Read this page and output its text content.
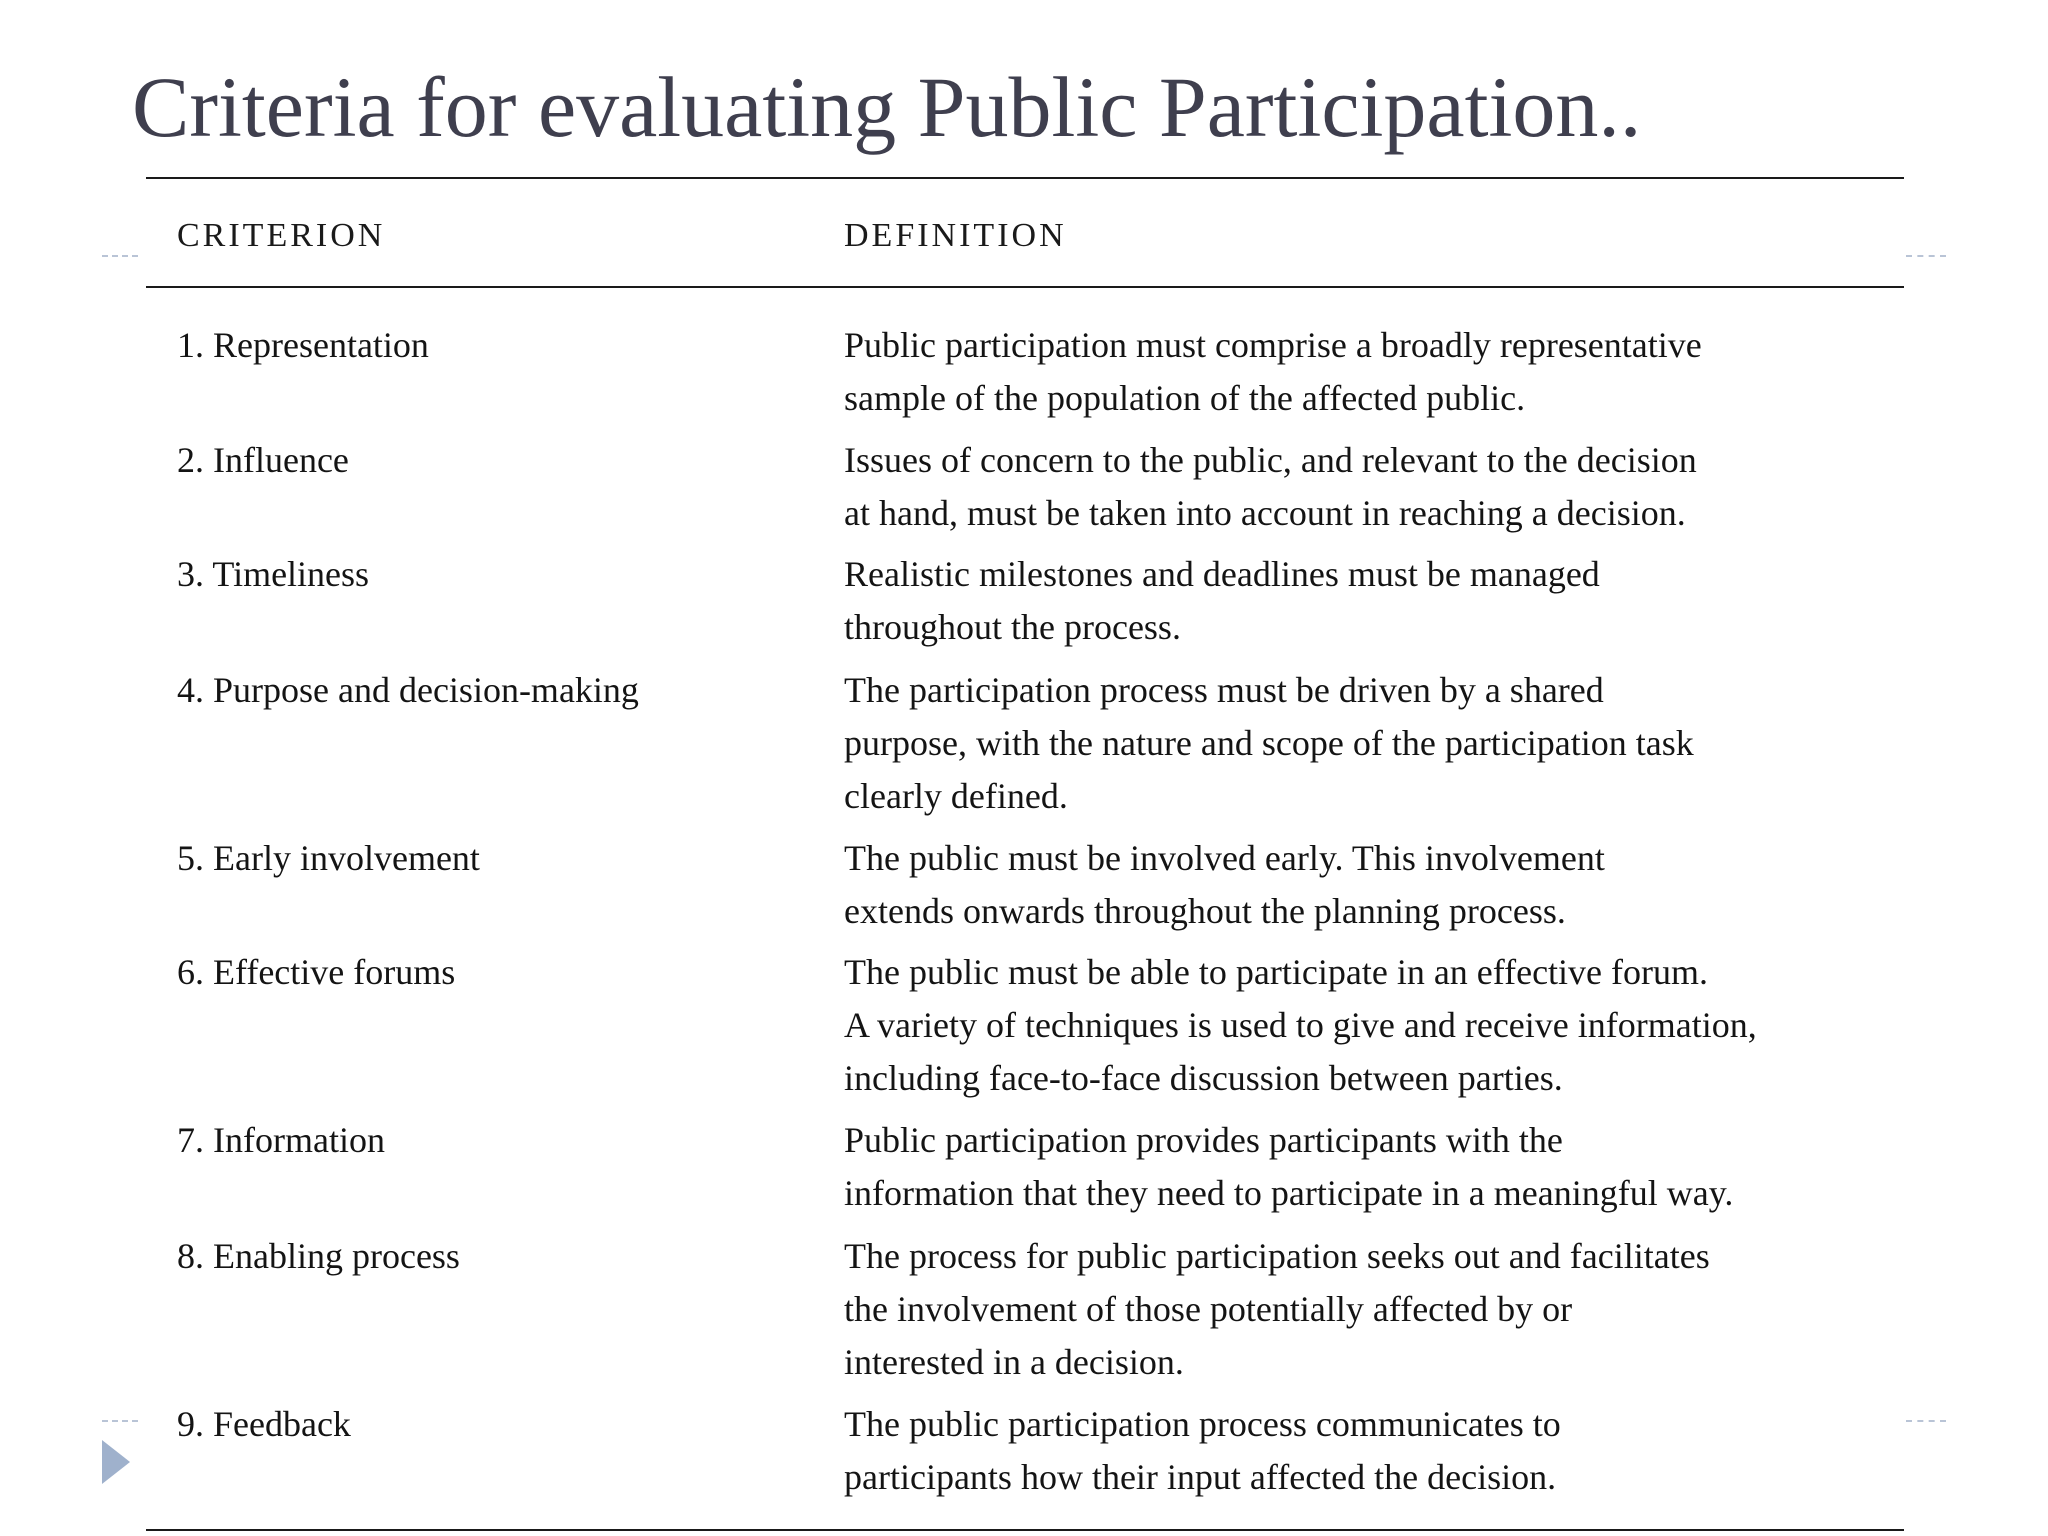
Criteria for evaluating Public Participation..
CRITERION	DEFINITION
1. Representation	Public participation must comprise a broadly representative
sample of the population of the affected public.
2. Influence	Issues of concern to the public, and relevant to the decision
at hand, must be taken into account in reaching a decision.
3. Timeliness	Realistic milestones and deadlines must be managed
throughout the process.
4. Purpose and decision-making	The participation process must be driven by a shared
purpose, with the nature and scope of the participation task
clearly defined.
5. Early involvement	The public must be involved early. This involvement
extends onwards throughout the planning process.
6. Effective forums	The public must be able to participate in an effective forum.
A variety of techniques is used to give and receive information,
including face-to-face discussion between parties.
7. Information	Public participation provides participants with the
information that they need to participate in a meaningful way.
8. Enabling process	The process for public participation seeks out and facilitates
the involvement of those potentially affected by or
interested in a decision.
9. Feedback	The public participation process communicates to
participants how their input affected the decision.
